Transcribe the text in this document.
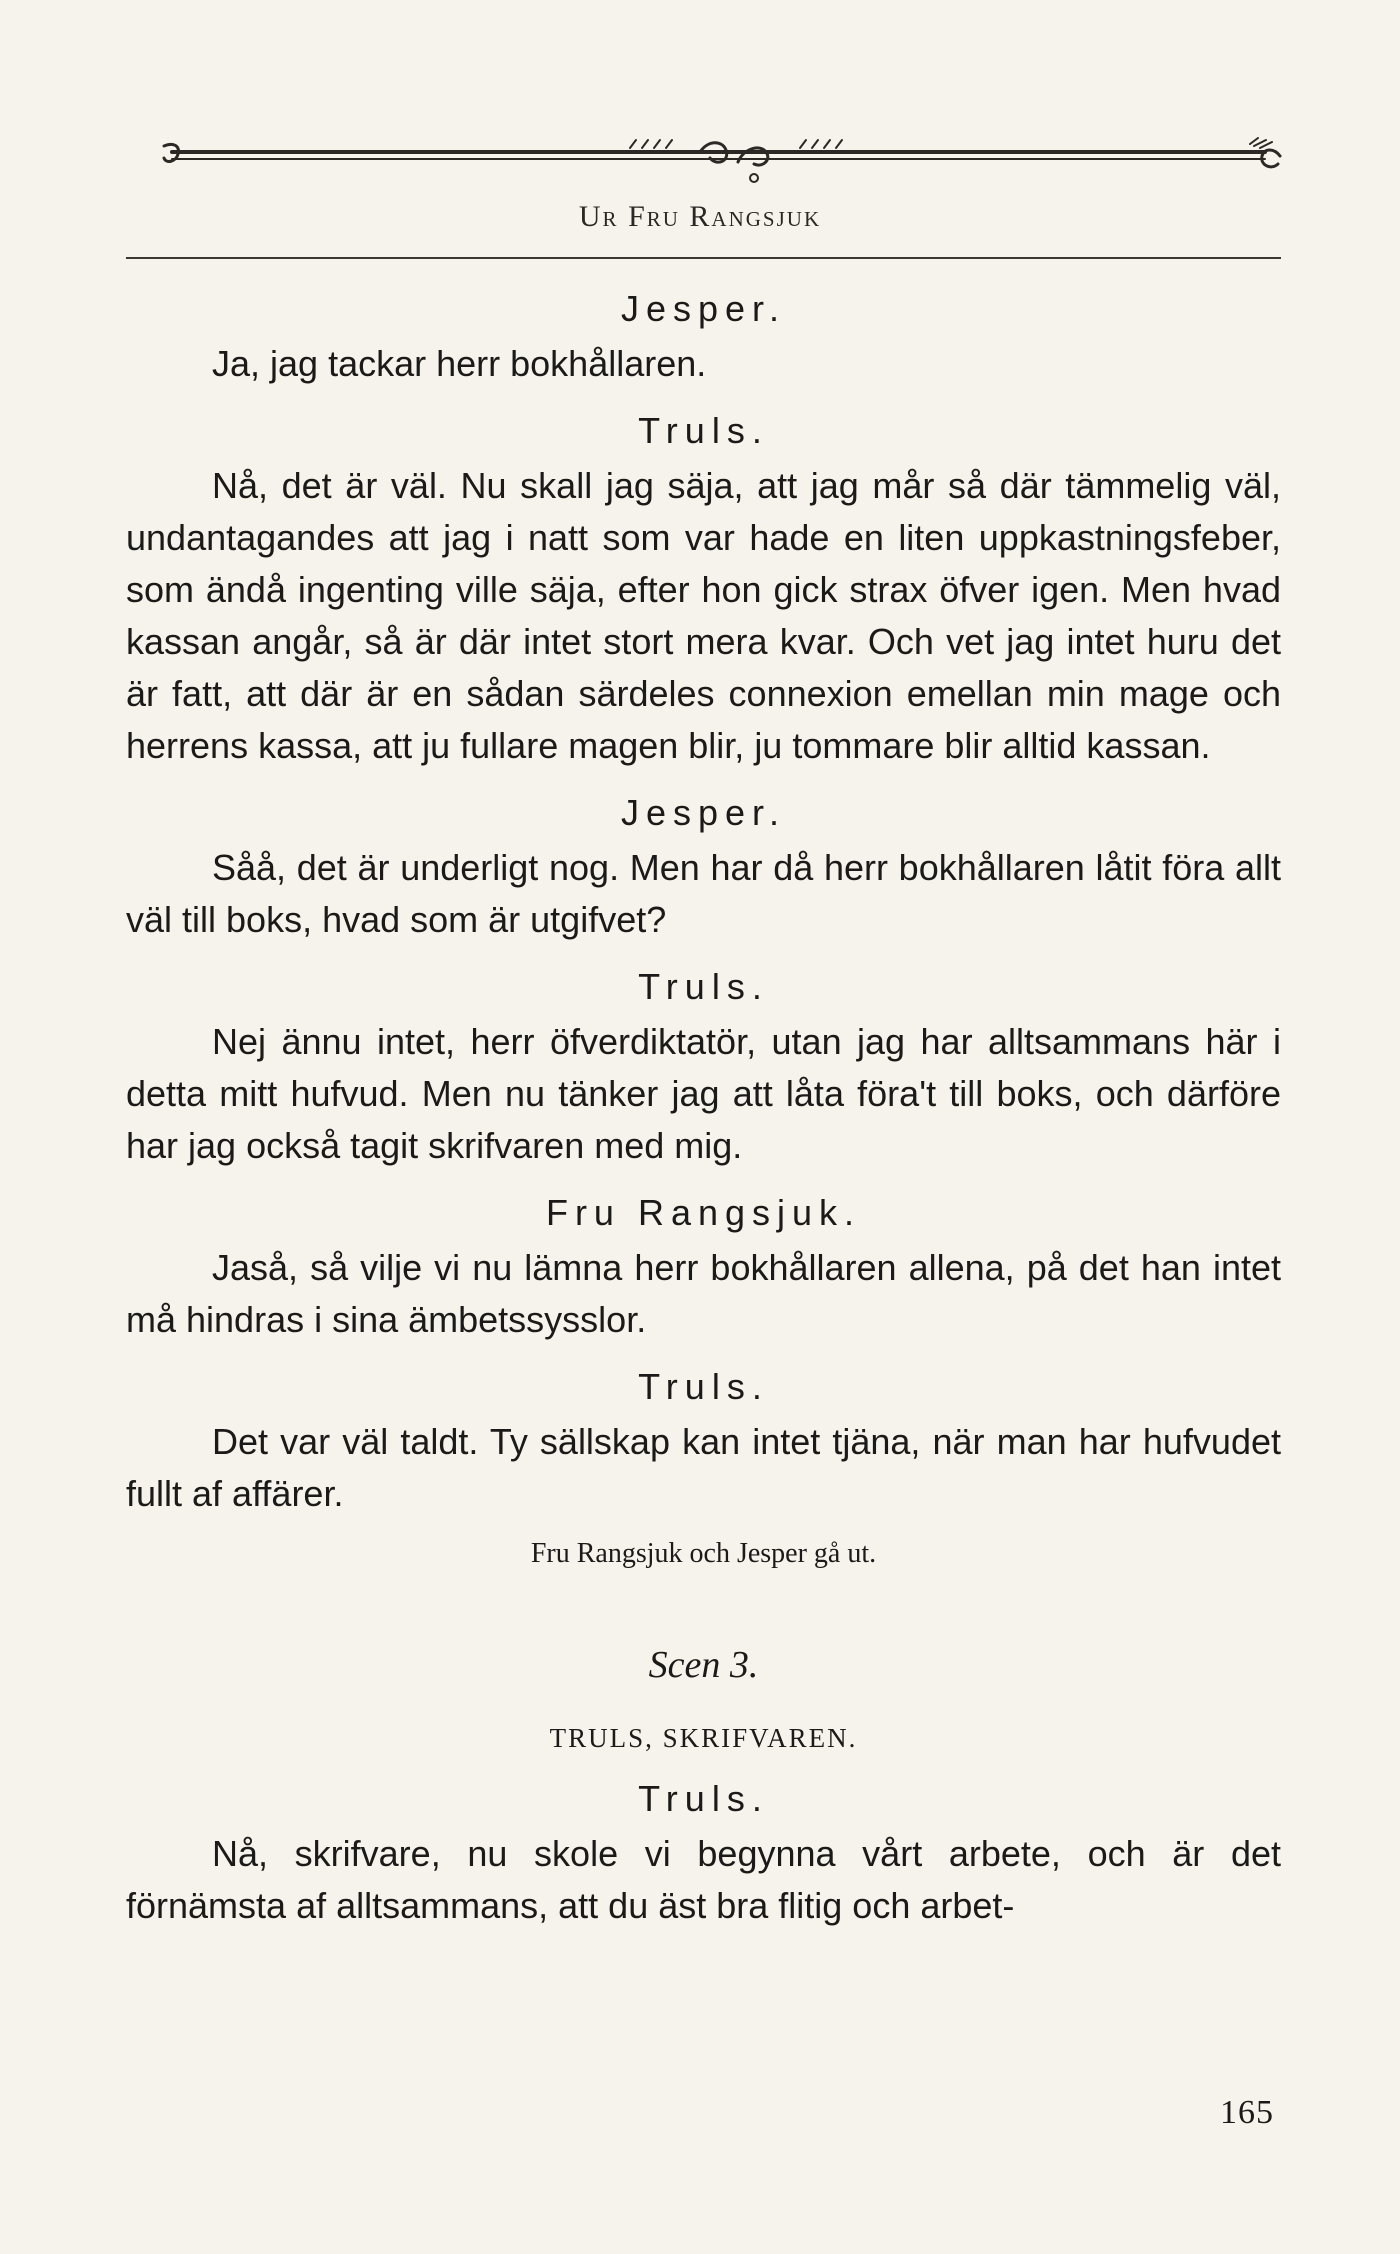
Ur Fru Rangsjuk

Jesper.

Ja, jag tackar herr bokhållaren.

Truls.

Nå, det är väl. Nu skall jag säja, att jag mår så där tämmelig väl, undantagandes att jag i natt som var hade en liten uppkastningsfeber, som ändå ingenting ville säja, efter hon gick strax öfver igen. Men hvad kassan angår, så är där intet stort mera kvar. Och vet jag intet huru det är fatt, att där är en sådan särdeles connexion emellan min mage och herrens kassa, att ju fullare magen blir, ju tommare blir alltid kassan.

Jesper.

Såå, det är underligt nog. Men har då herr bokhållaren låtit föra allt väl till boks, hvad som är utgifvet?

Truls.

Nej ännu intet, herr öfverdiktatör, utan jag har alltsammans här i detta mitt hufvud. Men nu tänker jag att låta föra't till boks, och därföre har jag också tagit skrifvaren med mig.

Fru Rangsjuk.

Jaså, så vilje vi nu lämna herr bokhållaren allena, på det han intet må hindras i sina ämbetssysslor.

Truls.

Det var väl taldt. Ty sällskap kan intet tjäna, när man har hufvudet fullt af affärer.

Fru Rangsjuk och Jesper gå ut.

Scen 3.

TRULS, SKRIFVAREN.

Truls.

Nå, skrifvare, nu skole vi begynna vårt arbete, och är det förnämsta af alltsammans, att du äst bra flitig och arbet-

165
